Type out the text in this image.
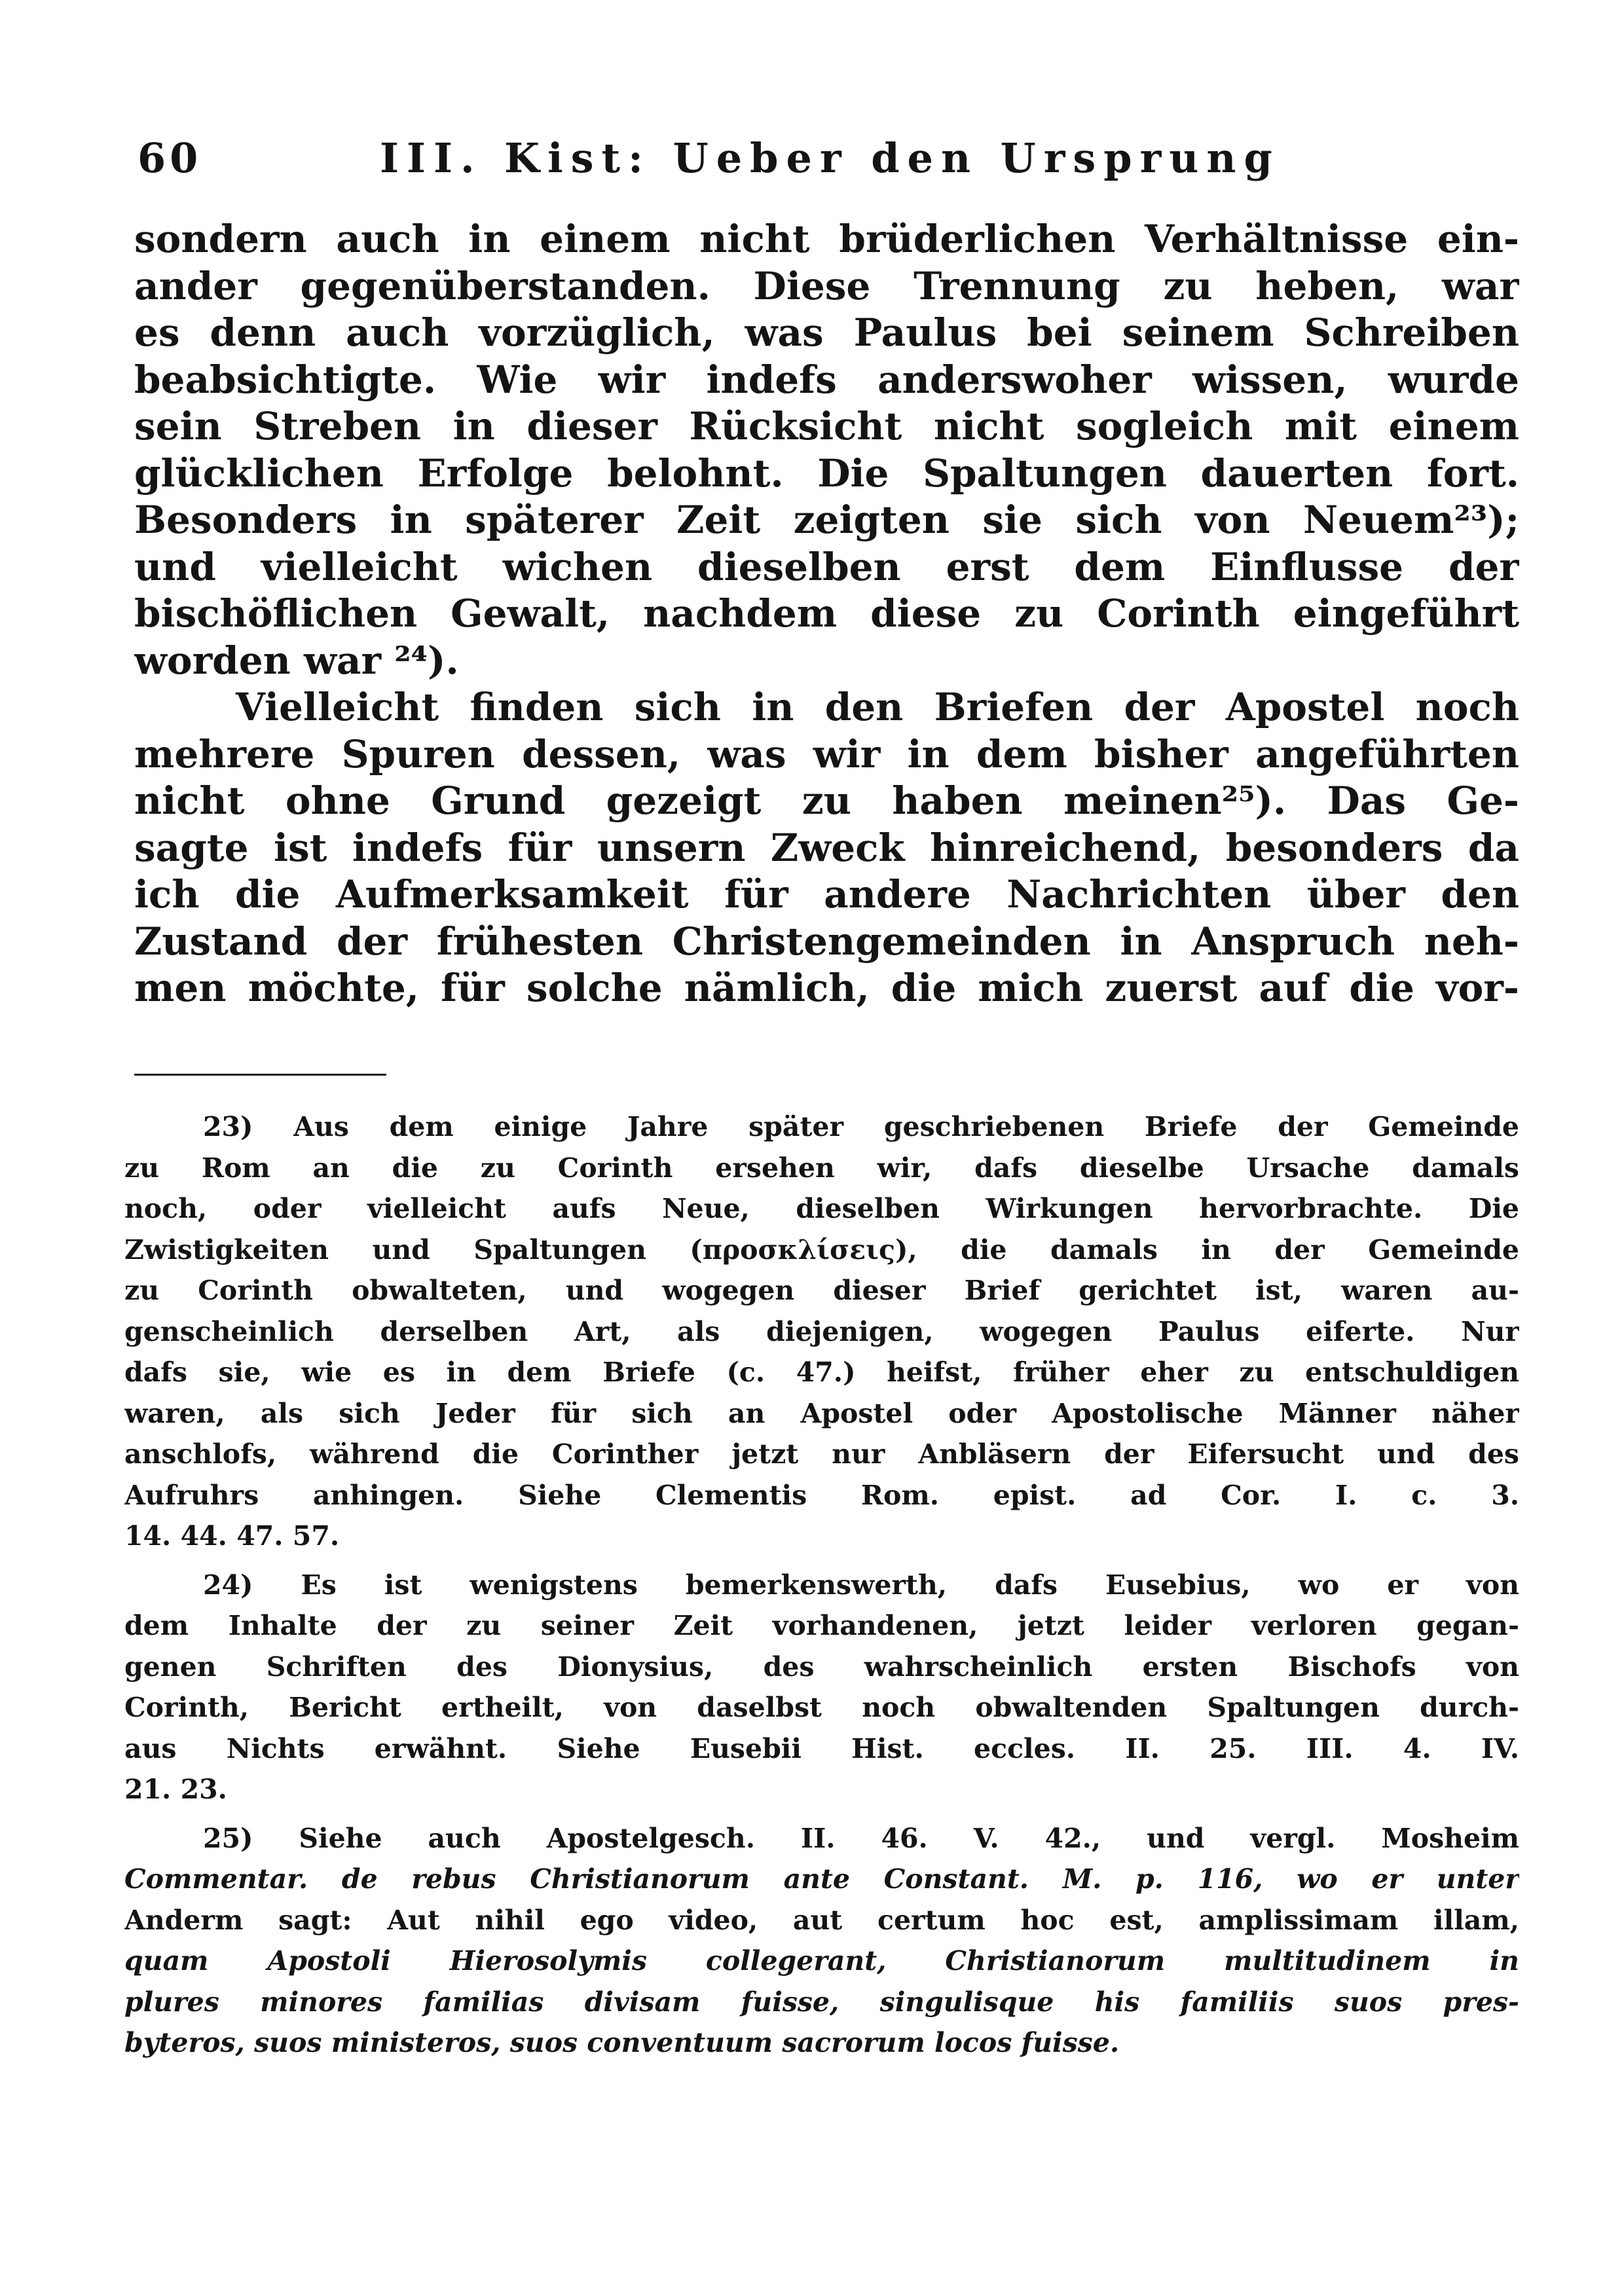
60	III. Kist: Ueber den Ursprung
sondern auch in einem nicht brüderlichen Verhältnisse ein-
ander gegenüberstanden. Diese Trennung zu heben, war
es denn auch vorzüglich, was Paulus bei seinem Schreiben
beabsichtigte. Wie wir indefs anderswoher wissen, wurde
sein Streben in dieser Rücksicht nicht sogleich mit einem
glücklichen Erfolge belohnt. Die Spaltungen dauerten fort.
Besonders in späterer Zeit zeigten sie sich von Neuem²³);
und vielleicht wichen dieselben erst dem Einflusse der
bischöflichen Gewalt, nachdem diese zu Corinth eingeführt
worden war ²⁴).
Vielleicht finden sich in den Briefen der Apostel noch
mehrere Spuren dessen, was wir in dem bisher angeführten
nicht ohne Grund gezeigt zu haben meinen²⁵). Das Ge-
sagte ist indefs für unsern Zweck hinreichend, besonders da
ich die Aufmerksamkeit für andere Nachrichten über den
Zustand der frühesten Christengemeinden in Anspruch neh-
men möchte, für solche nämlich, die mich zuerst auf die vor-
23) Aus dem einige Jahre später geschriebenen Briefe der Gemeinde
zu Rom an die zu Corinth ersehen wir, dafs dieselbe Ursache damals
noch, oder vielleicht aufs Neue, dieselben Wirkungen hervorbrachte. Die
Zwistigkeiten und Spaltungen (προσκλίσεις), die damals in der Gemeinde
zu Corinth obwalteten, und wogegen dieser Brief gerichtet ist, waren au-
genscheinlich derselben Art, als diejenigen, wogegen Paulus eiferte. Nur
dafs sie, wie es in dem Briefe (c. 47.) heifst, früher eher zu entschuldigen
waren, als sich Jeder für sich an Apostel oder Apostolische Männer näher
anschlofs, während die Corinther jetzt nur Anbläsern der Eifersucht und des
Aufruhrs anhingen. Siehe Clementis Rom. epist. ad Cor. I. c. 3.
14. 44. 47. 57.
24) Es ist wenigstens bemerkenswerth, dafs Eusebius, wo er von
dem Inhalte der zu seiner Zeit vorhandenen, jetzt leider verloren gegan-
genen Schriften des Dionysius, des wahrscheinlich ersten Bischofs von
Corinth, Bericht ertheilt, von daselbst noch obwaltenden Spaltungen durch-
aus Nichts erwähnt. Siehe Eusebii Hist. eccles. II. 25. III. 4. IV.
21. 23.
25) Siehe auch Apostelgesch. II. 46. V. 42., und vergl. Mosheim
Commentar. de rebus Christianorum ante Constant. M. p. 116, wo er unter
Anderm sagt: Aut nihil ego video, aut certum hoc est, amplissimam illam,
quam Apostoli Hierosolymis collegerant, Christianorum multitudinem in
plures minores familias divisam fuisse, singulisque his familiis suos pres-
byteros, suos ministeros, suos conventuum sacrorum locos fuisse.
